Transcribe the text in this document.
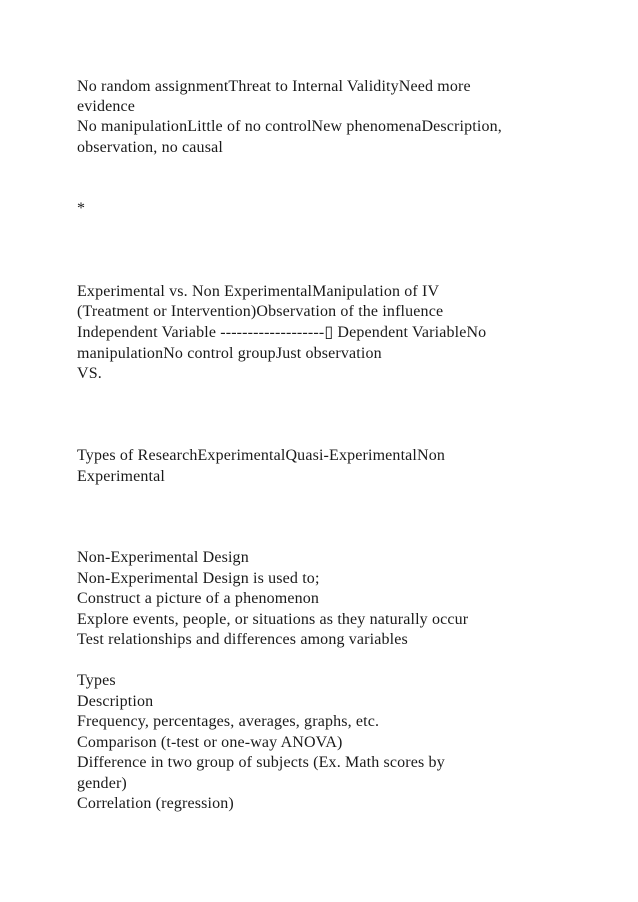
No random assignmentThreat to Internal ValidityNeed more
evidence
No manipulationLittle of no controlNew phenomenaDescription,
observation, no causal
*
Experimental vs. Non ExperimentalManipulation of IV
(Treatment or Intervention)Observation of the influence
Independent Variable -------------------▯ Dependent VariableNo
manipulationNo control groupJust observation
VS.
Types of ResearchExperimentalQuasi-ExperimentalNon
Experimental
Non-Experimental Design
Non-Experimental Design is used to;
Construct a picture of a phenomenon
Explore events, people, or situations as they naturally occur
Test relationships and differences among variables
Types
Description
Frequency, percentages, averages, graphs, etc.
Comparison (t-test or one-way ANOVA)
Difference in two group of subjects (Ex. Math scores by
gender)
Correlation (regression)
